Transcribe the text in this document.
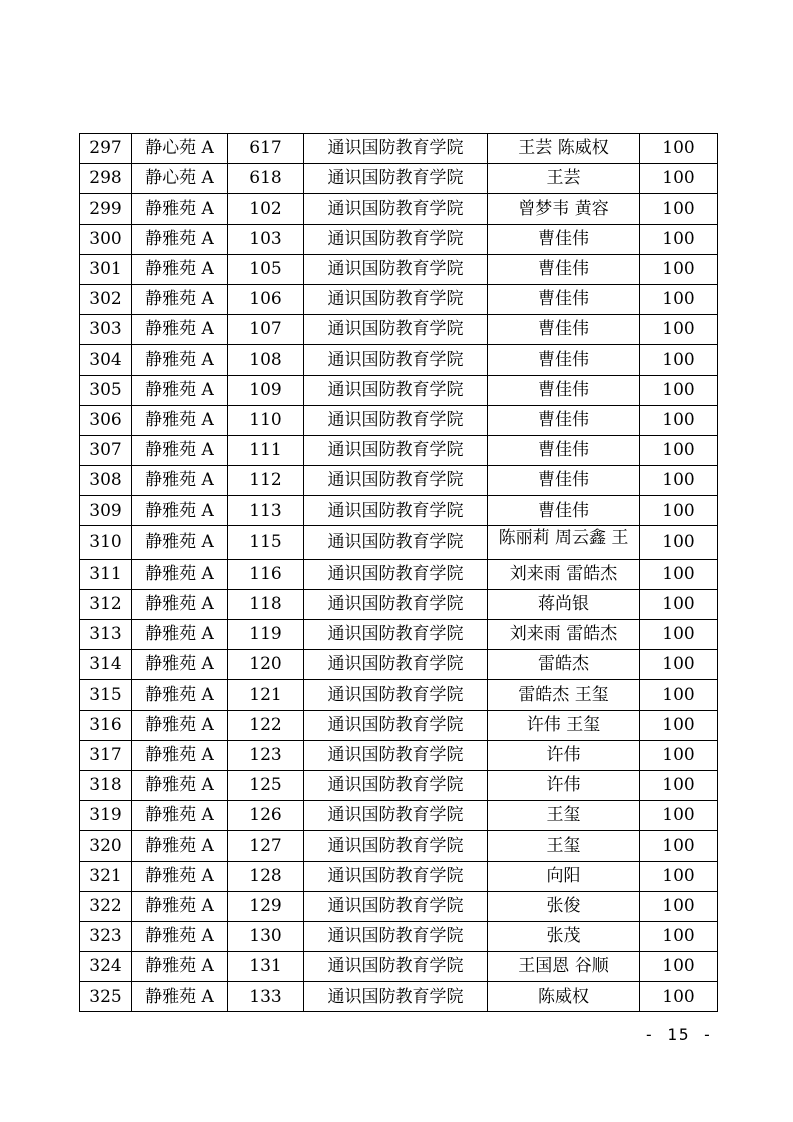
297	静心苑 A	617	通识国防教育学院	王芸 陈威权	100
298	静心苑 A	618	通识国防教育学院	王芸	100
299	静雅苑 A	102	通识国防教育学院	曾梦韦 黄容	100
300	静雅苑 A	103	通识国防教育学院	曹佳伟	100
301	静雅苑 A	105	通识国防教育学院	曹佳伟	100
302	静雅苑 A	106	通识国防教育学院	曹佳伟	100
303	静雅苑 A	107	通识国防教育学院	曹佳伟	100
304	静雅苑 A	108	通识国防教育学院	曹佳伟	100
305	静雅苑 A	109	通识国防教育学院	曹佳伟	100
306	静雅苑 A	110	通识国防教育学院	曹佳伟	100
307	静雅苑 A	111	通识国防教育学院	曹佳伟	100
308	静雅苑 A	112	通识国防教育学院	曹佳伟	100
309	静雅苑 A	113	通识国防教育学院	曹佳伟	100
310	静雅苑 A	115	通识国防教育学院	陈丽莉 周云鑫 王	100
311	静雅苑 A	116	通识国防教育学院	刘来雨 雷皓杰	100
312	静雅苑 A	118	通识国防教育学院	蒋尚银	100
313	静雅苑 A	119	通识国防教育学院	刘来雨 雷皓杰	100
314	静雅苑 A	120	通识国防教育学院	雷皓杰	100
315	静雅苑 A	121	通识国防教育学院	雷皓杰 王玺	100
316	静雅苑 A	122	通识国防教育学院	许伟 王玺	100
317	静雅苑 A	123	通识国防教育学院	许伟	100
318	静雅苑 A	125	通识国防教育学院	许伟	100
319	静雅苑 A	126	通识国防教育学院	王玺	100
320	静雅苑 A	127	通识国防教育学院	王玺	100
321	静雅苑 A	128	通识国防教育学院	向阳	100
322	静雅苑 A	129	通识国防教育学院	张俊	100
323	静雅苑 A	130	通识国防教育学院	张茂	100
324	静雅苑 A	131	通识国防教育学院	王国恩 谷顺	100
325	静雅苑 A	133	通识国防教育学院	陈威权	100
- 15 -
